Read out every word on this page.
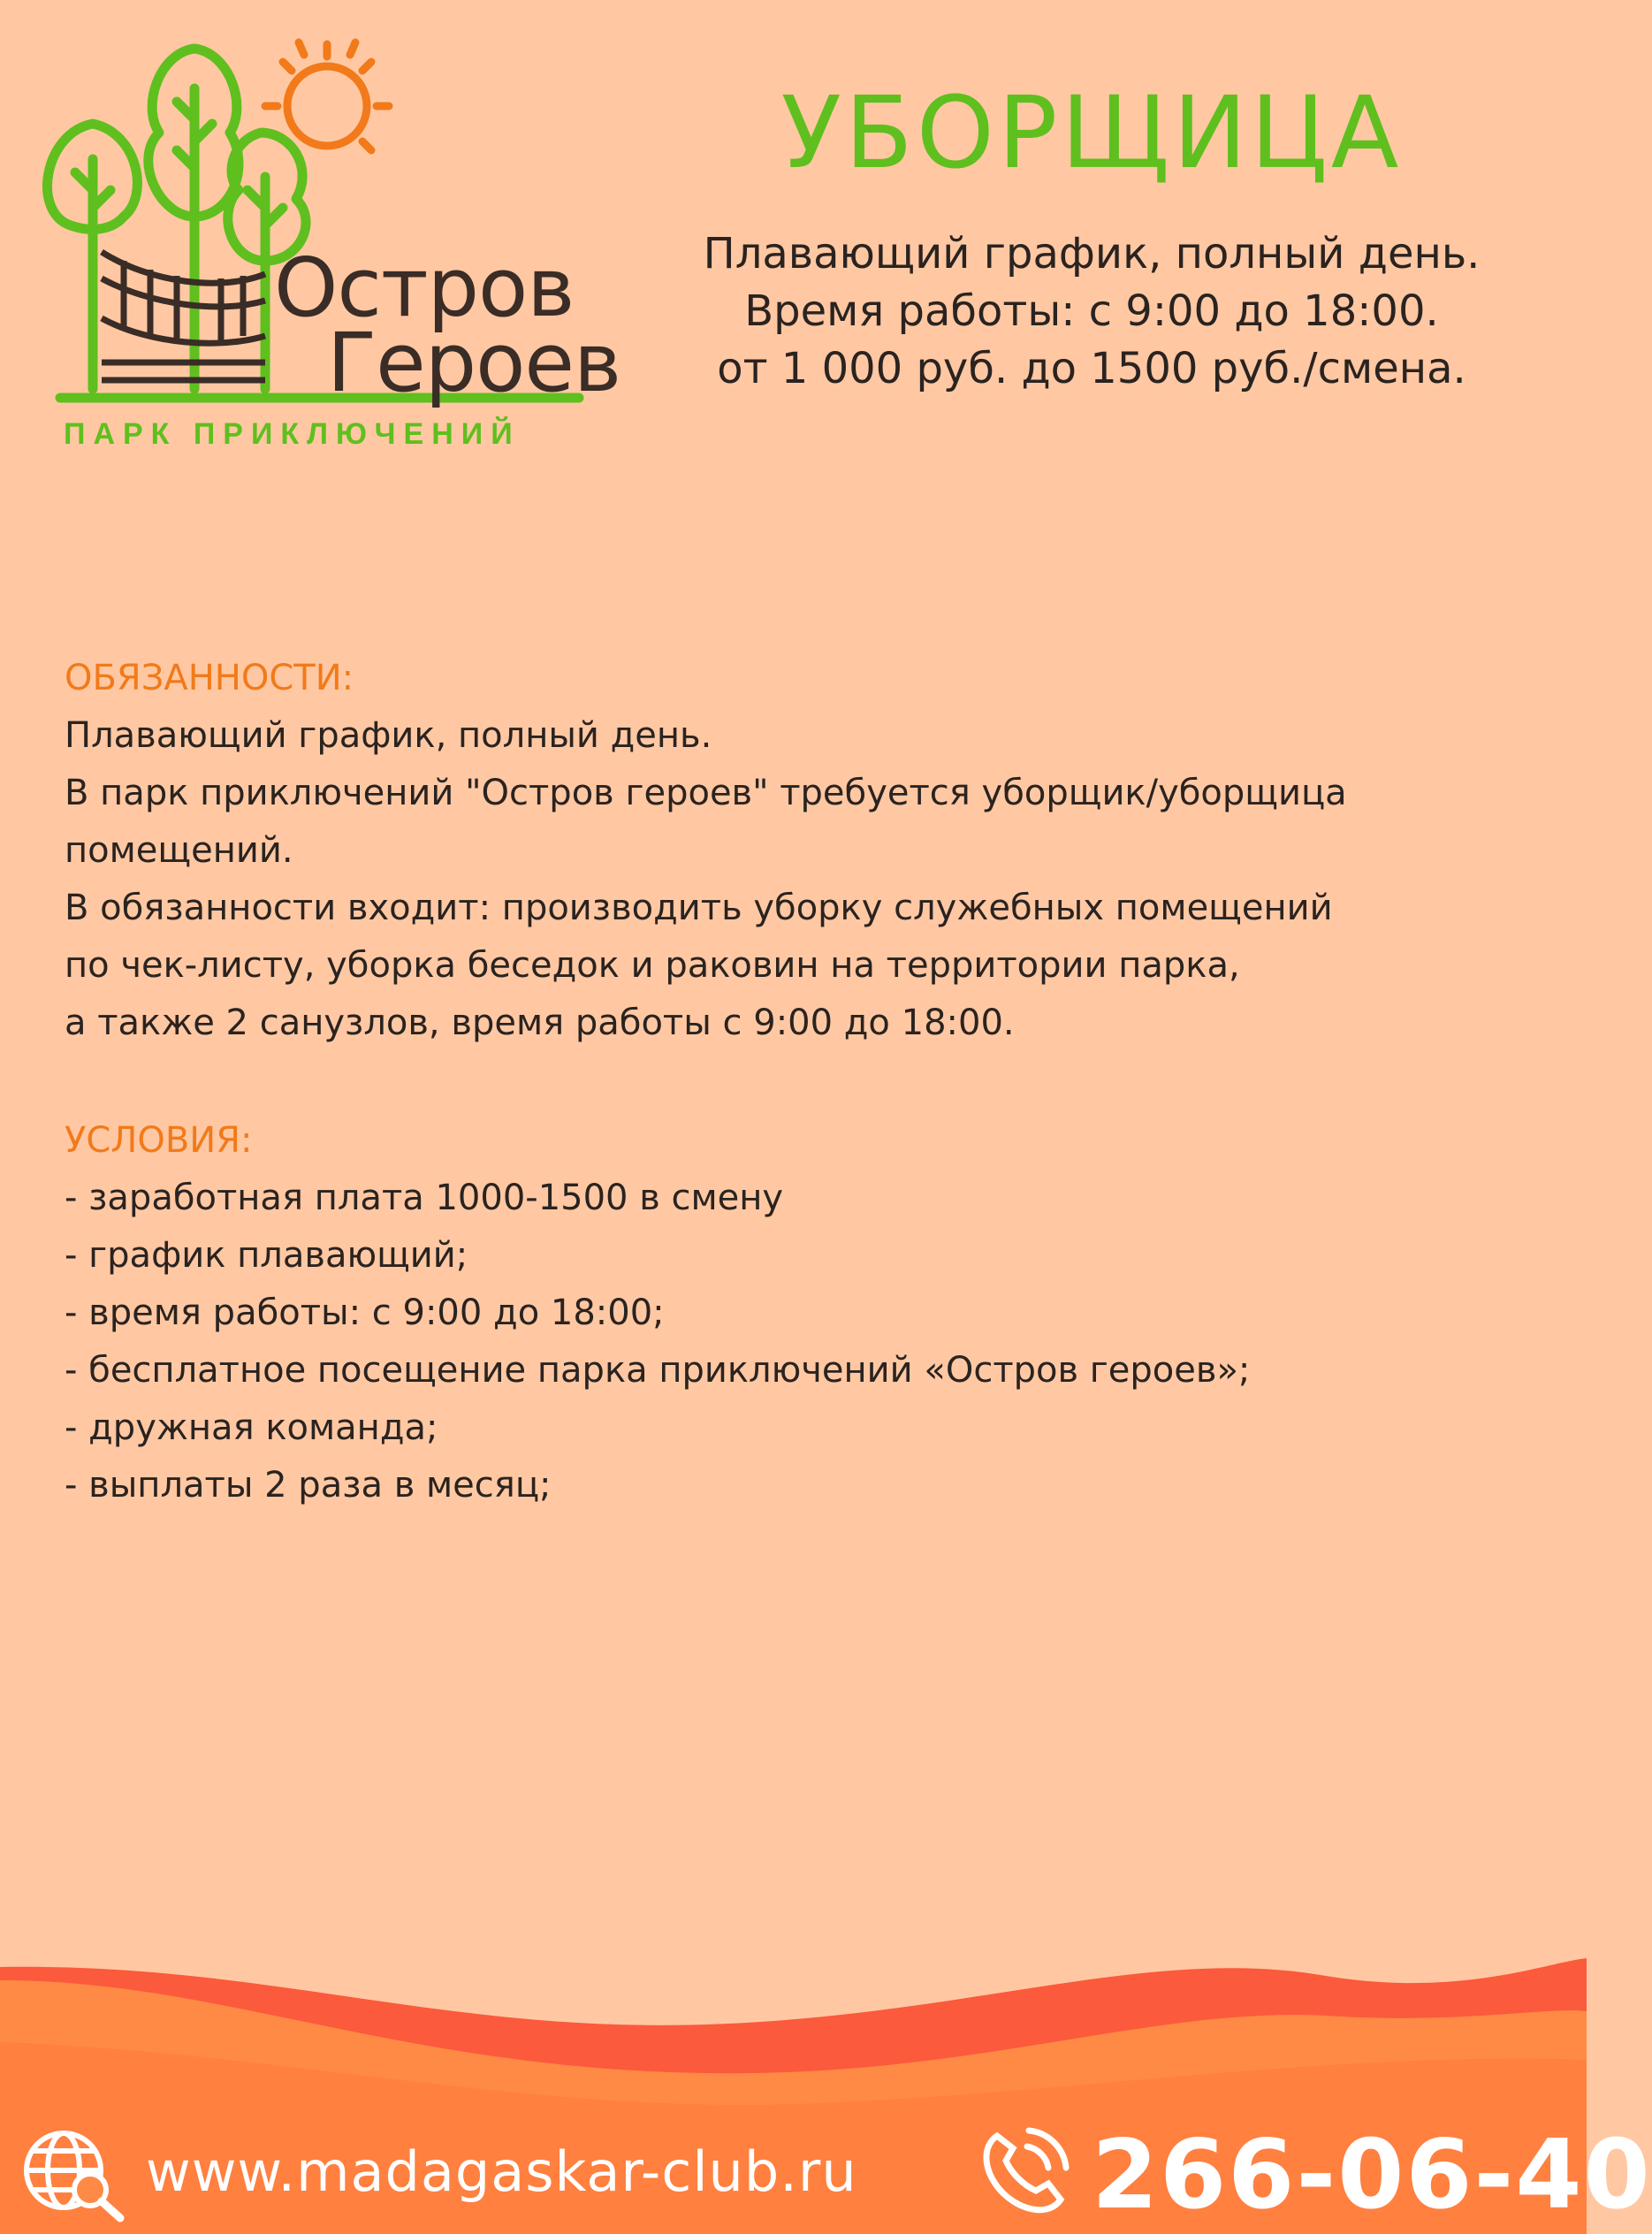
Остров
Героев
ПАРК ПРИКЛЮЧЕНИЙ
УБОРЩИЦА
Плавающий график, полный день.
Время работы: с 9:00 до 18:00.
от 1 000 руб. до 1500 руб./смена.
ОБЯЗАННОСТИ:
Плавающий график, полный день.
В парк приключений "Остров героев" требуется уборщик/уборщица
помещений.
В обязанности входит: производить уборку служебных помещений
по чек-листу, уборка беседок и раковин на территории парка,
а также 2 санузлов, время работы с 9:00 до 18:00.
УСЛОВИЯ:
- заработная плата 1000-1500 в смену
- график плавающий;
- время работы: с 9:00 до 18:00;
- бесплатное посещение парка приключений «Остров героев»;
- дружная команда;
- выплаты 2 раза в месяц;
www.madagaskar-club.ru 266-06-40
